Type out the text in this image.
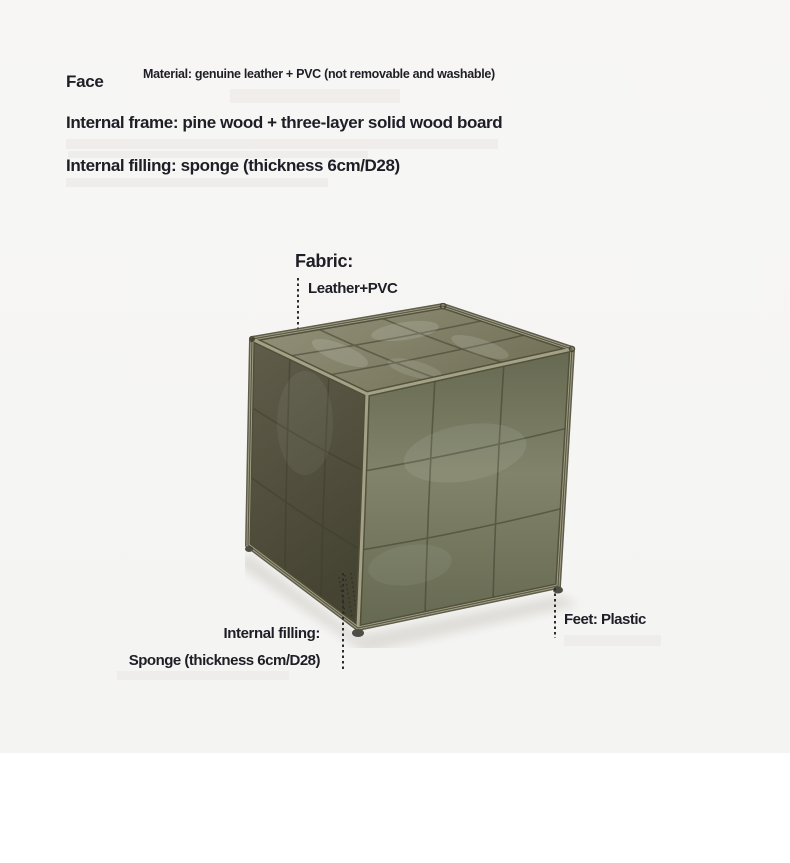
Face	Material: genuine leather + PVC (not removable and washable)
Internal frame: pine wood + three-layer solid wood board
Internal filling: sponge (thickness 6cm/D28)
Fabric:
Leather+PVC
Internal filling:
Sponge (thickness 6cm/D28)
Feet: Plastic
